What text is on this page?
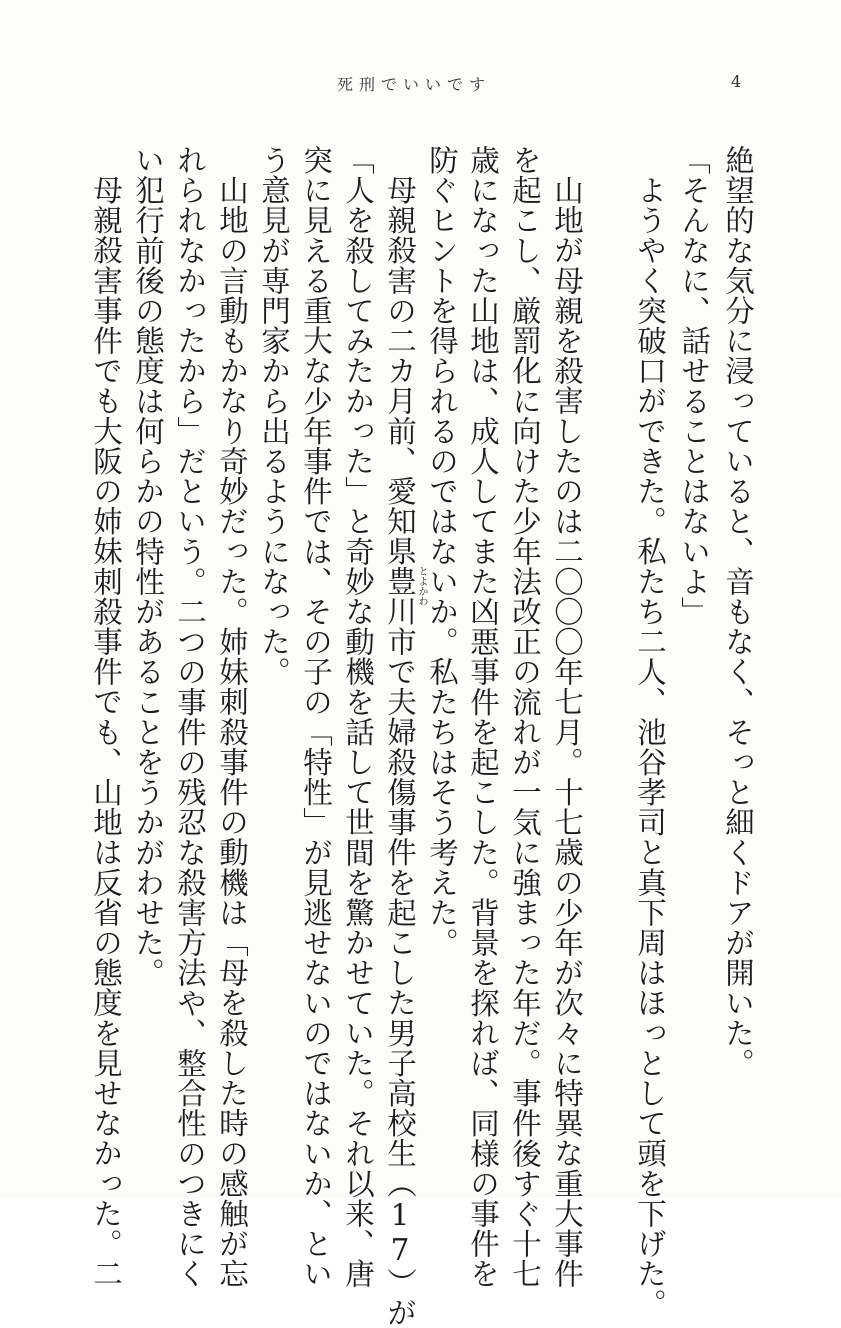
死刑でいいです	4
絶望的な気分に浸っていると、音もなく、そっと細くドアが開いた。
「そんなに、話せることはないよ」
ようやく突破口ができた。私たち二人、池谷孝司と真下周はほっとして頭を下げた。
山地が母親を殺害したのは二〇〇〇年七月。十七歳の少年が次々に特異な重大事件
を起こし、厳罰化に向けた少年法改正の流れが一気に強まった年だ。事件後すぐ十七
歳になった山地は、成人してまた凶悪事件を起こした。背景を探れば、同様の事件を
防ぐヒントを得られるのではないか。私たちはそう考えた。
母親殺害の二カ月前、愛知県
とよかわ
豊川市で夫婦殺傷事件を起こした男子高校生（17）が
「人を殺してみたかった」と奇妙な動機を話して世間を驚かせていた。それ以来、唐
突に見える重大な少年事件では、その子の「特性」が見逃せないのではないか、とい
う意見が専門家から出るようになった。
山地の言動もかなり奇妙だった。姉妹刺殺事件の動機は「母を殺した時の感触が忘
れられなかったから」だという。二つの事件の残忍な殺害方法や、整合性のつきにく
い犯行前後の態度は何らかの特性があることをうかがわせた。
母親殺害事件でも大阪の姉妹刺殺事件でも、山地は反省の態度を見せなかった。二
